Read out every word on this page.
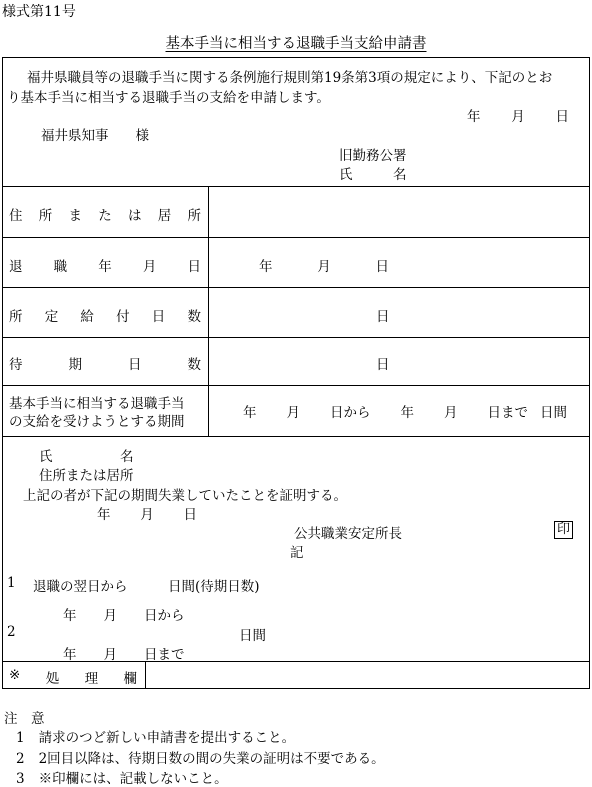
様式第11号
基本手当に相当する退職手当支給申請書
福井県職員等の退職手当に関する条例施行規則第19条第3項の規定により、下記のとお
り基本手当に相当する退職手当の支給を申請します。
年 月 日
福井県知事　　様
旧勤務公署
氏　　　名
住 所 ま た は 居 所
退 職 年 月 日	年	月	日
所 定 給 付 日 数	日
待	期	日	数	日
基本手当に相当する退職手当
の支給を受けようとする期間
年 月 日から 年 月 日まで 日間
氏　　　　　名
住所または居所
上記の者が下記の期間失業していたことを証明する。
年 月 日
公共職業安定所長	印
記
1 退職の翌日から　　　日間(待期日数)
年　　月　　日から
2	日間
年　　月　　日まで
※ 処 理 欄
注　意
1 請求のつど新しい申請書を提出すること。
2 2回目以降は、待期日数の間の失業の証明は不要である。
3 ※印欄には、記載しないこと。
